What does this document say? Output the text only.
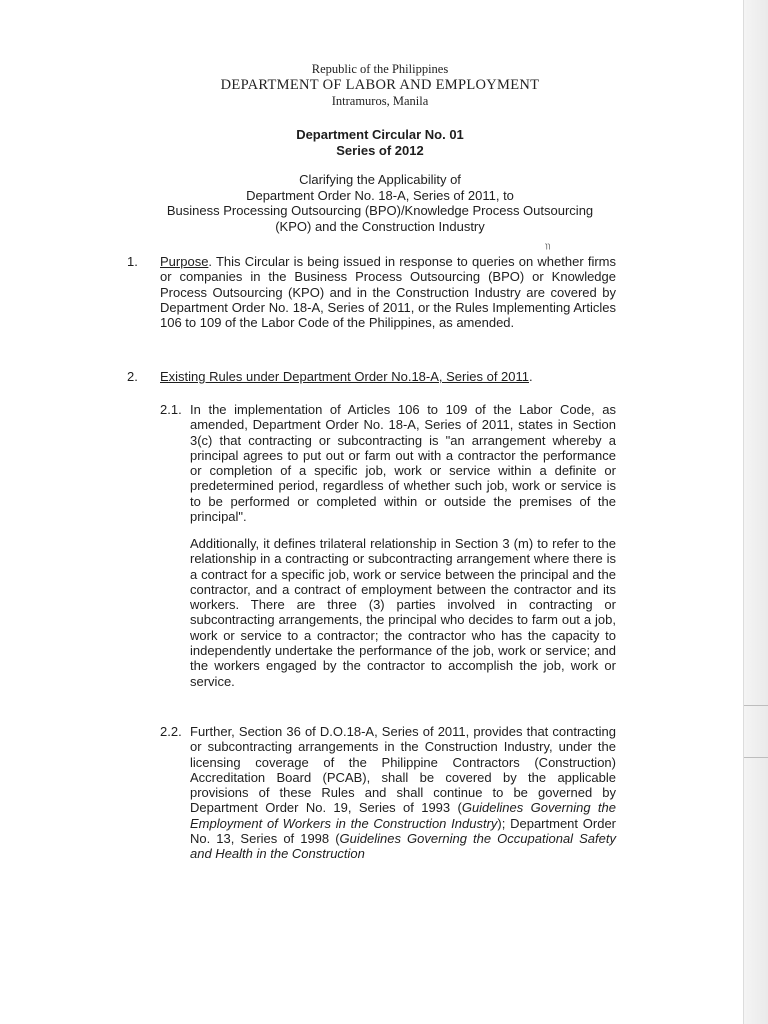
Republic of the Philippines
DEPARTMENT OF LABOR AND EMPLOYMENT
Intramuros, Manila
Department Circular No. 01
Series of 2012
Clarifying the Applicability of
Department Order No. 18-A, Series of 2011, to
Business Processing Outsourcing (BPO)/Knowledge Process Outsourcing
(KPO) and the Construction Industry
ɿɿ
1. Purpose. This Circular is being issued in response to queries on whether firms or companies in the Business Process Outsourcing (BPO) or Knowledge Process Outsourcing (KPO) and in the Construction Industry are covered by Department Order No. 18-A, Series of 2011, or the Rules Implementing Articles 106 to 109 of the Labor Code of the Philippines, as amended.
2. Existing Rules under Department Order No.18-A, Series of 2011.
2.1. In the implementation of Articles 106 to 109 of the Labor Code, as amended, Department Order No. 18-A, Series of 2011, states in Section 3(c) that contracting or subcontracting is "an arrangement whereby a principal agrees to put out or farm out with a contractor the performance or completion of a specific job, work or service within a definite or predetermined period, regardless of whether such job, work or service is to be performed or completed within or outside the premises of the principal".
Additionally, it defines trilateral relationship in Section 3 (m) to refer to the relationship in a contracting or subcontracting arrangement where there is a contract for a specific job, work or service between the principal and the contractor, and a contract of employment between the contractor and its workers. There are three (3) parties involved in contracting or subcontracting arrangements, the principal who decides to farm out a job, work or service to a contractor; the contractor who has the capacity to independently undertake the performance of the job, work or service; and the workers engaged by the contractor to accomplish the job, work or service.
2.2. Further, Section 36 of D.O.18-A, Series of 2011, provides that contracting or subcontracting arrangements in the Construction Industry, under the licensing coverage of the Philippine Contractors (Construction) Accreditation Board (PCAB), shall be covered by the applicable provisions of these Rules and shall continue to be governed by Department Order No. 19, Series of 1993 (Guidelines Governing the Employment of Workers in the Construction Industry); Department Order No. 13, Series of 1998 (Guidelines Governing the Occupational Safety and Health in the Construction
